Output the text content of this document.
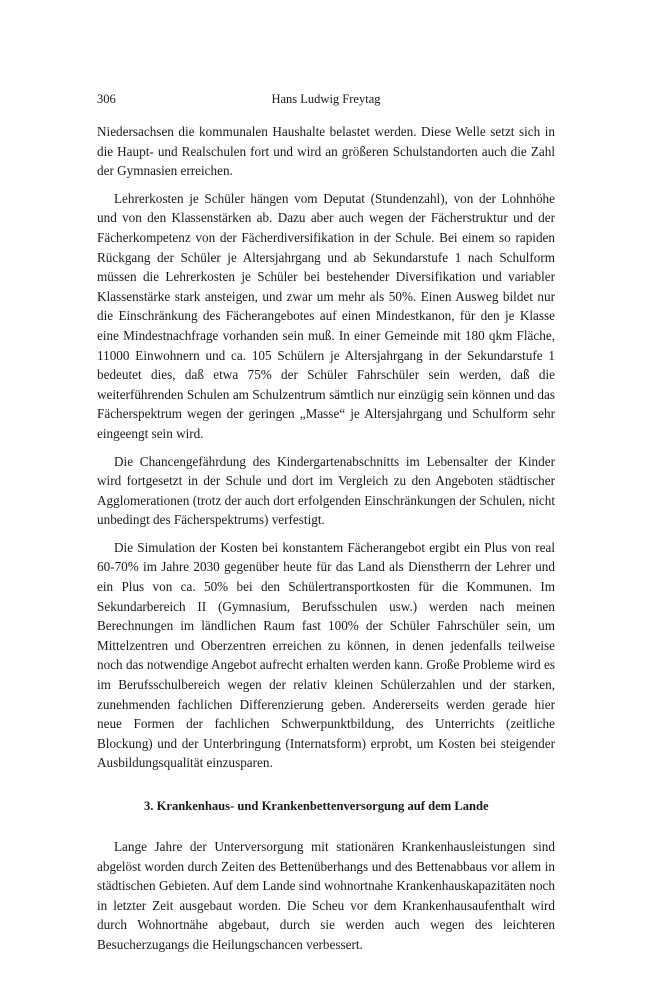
306	Hans Ludwig Freytag

Niedersachsen die kommunalen Haushalte belastet werden. Diese Welle setzt sich in die Haupt- und Realschulen fort und wird an größeren Schulstandorten auch die Zahl der Gymnasien erreichen.

Lehrerkosten je Schüler hängen vom Deputat (Stundenzahl), von der Lohnhöhe und von den Klassenstärken ab. Dazu aber auch wegen der Fächerstruktur und der Fächerkompetenz von der Fächerdiversifikation in der Schule. Bei einem so rapiden Rückgang der Schüler je Altersjahrgang und ab Sekundarstufe 1 nach Schulform müssen die Lehrerkosten je Schüler bei bestehender Diversifikation und variabler Klassenstärke stark ansteigen, und zwar um mehr als 50%. Einen Ausweg bildet nur die Einschränkung des Fächerangebotes auf einen Mindestkanon, für den je Klasse eine Mindestnachfrage vorhanden sein muß. In einer Gemeinde mit 180 qkm Fläche, 11000 Einwohnern und ca. 105 Schülern je Altersjahrgang in der Sekundarstufe 1 bedeutet dies, daß etwa 75% der Schüler Fahrschüler sein werden, daß die weiterführenden Schulen am Schulzentrum sämtlich nur einzügig sein können und das Fächerspektrum wegen der geringen „Masse“ je Altersjahrgang und Schulform sehr eingeengt sein wird.

Die Chancengefährdung des Kindergartenabschnitts im Lebensalter der Kinder wird fortgesetzt in der Schule und dort im Vergleich zu den Angeboten städtischer Agglomerationen (trotz der auch dort erfolgenden Einschränkungen der Schulen, nicht unbedingt des Fächerspektrums) verfestigt.

Die Simulation der Kosten bei konstantem Fächerangebot ergibt ein Plus von real 60-70% im Jahre 2030 gegenüber heute für das Land als Dienstherrn der Lehrer und ein Plus von ca. 50% bei den Schülertransportkosten für die Kommunen. Im Sekundarbereich II (Gymnasium, Berufsschulen usw.) werden nach meinen Berechnungen im ländlichen Raum fast 100% der Schüler Fahrschüler sein, um Mittelzentren und Oberzentren erreichen zu können, in denen jedenfalls teilweise noch das notwendige Angebot aufrecht erhalten werden kann. Große Probleme wird es im Berufsschulbereich wegen der relativ kleinen Schülerzahlen und der starken, zunehmenden fachlichen Differenzierung geben. Andererseits werden gerade hier neue Formen der fachlichen Schwerpunktbildung, des Unterrichts (zeitliche Blockung) und der Unterbringung (Internatsform) erprobt, um Kosten bei steigender Ausbildungsqualität einzusparen.

3. Krankenhaus- und Krankenbettenversorgung auf dem Lande

Lange Jahre der Unterversorgung mit stationären Krankenhausleistungen sind abgelöst worden durch Zeiten des Bettenüberhangs und des Bettenabbaus vor allem in städtischen Gebieten. Auf dem Lande sind wohnortnahe Krankenhauskapazitäten noch in letzter Zeit ausgebaut worden. Die Scheu vor dem Krankenhausaufenthalt wird durch Wohnortnähe abgebaut, durch sie werden auch wegen des leichteren Besucherzugangs die Heilungschancen verbessert.
